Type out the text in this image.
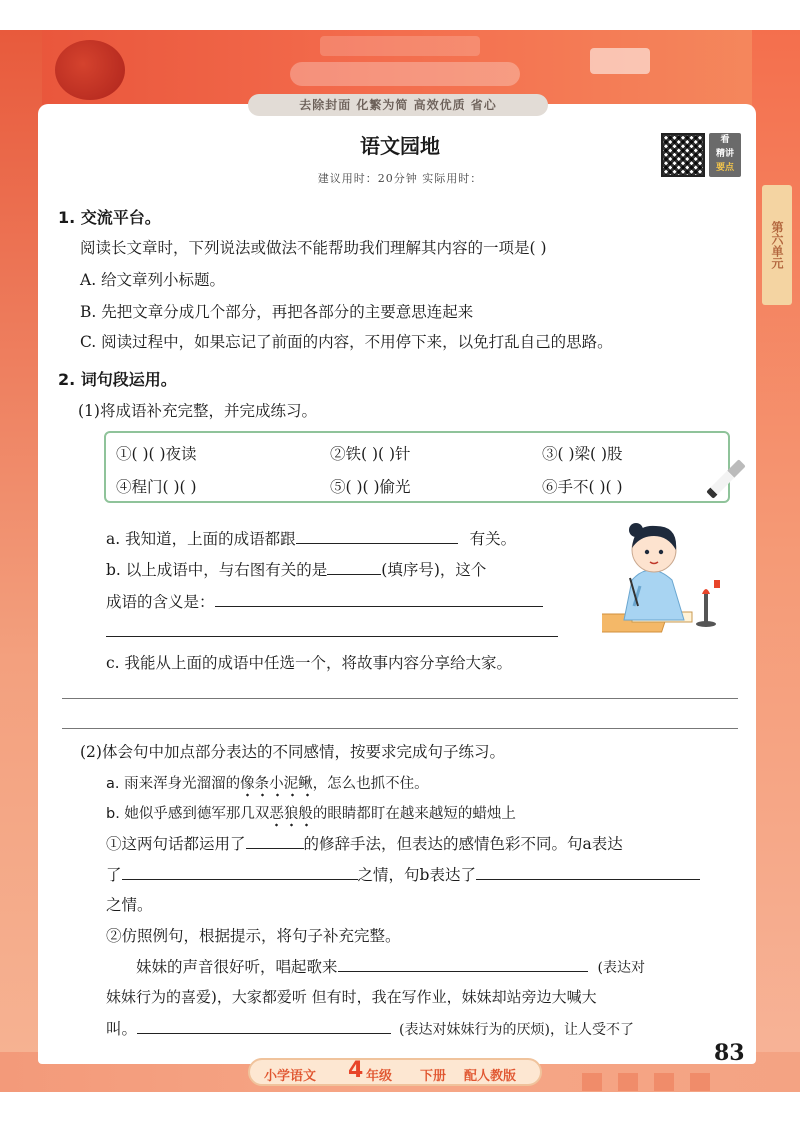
去除封面 化繁为简 高效优质 省心
第六单元
语文园地
建议用时：20分钟 实际用时：
看
精讲
要点
1. 交流平台。
阅读长文章时，下列说法或做法不能帮助我们理解其内容的一项是( )
A. 给文章列小标题。
B. 先把文章分成几个部分，再把各部分的主要意思连起来
C. 阅读过程中，如果忘记了前面的内容，不用停下来，以免打乱自己的思路。
2. 词句段运用。
(1)将成语补充完整，并完成练习。
①( )( )夜读	②铁( )( )针	③( )梁( )股
④程门( )( )	⑤( )( )偷光	⑥手不( )( )
a. 我知道，上面的成语都跟	有关。
b. 以上成语中，与右图有关的是	(填序号)，这个
成语的含义是：
c. 我能从上面的成语中任选一个，将故事内容分享给大家。
(2)体会句中加点部分表达的不同感情，按要求完成句子练习。
a. 雨来浑身光溜溜的像条小泥鳅，怎么也抓不住。
b. 她似乎感到德军那几双恶狼般的眼睛都盯在越来越短的蜡烛上
①这两句话都运用了	的修辞手法，但表达的感情色彩不同。句a表达
了	之情，句b表达了
之情。
②仿照例句，根据提示，将句子补充完整。
妹妹的声音很好听，唱起歌来	(表达对
妹妹行为的喜爱)，大家都爱听 但有时，我在写作业，妹妹却站旁边大喊大
叫。	(表达对妹妹行为的厌烦)，让人受不了
小学语文 4 年级 下册 配人教版
83
